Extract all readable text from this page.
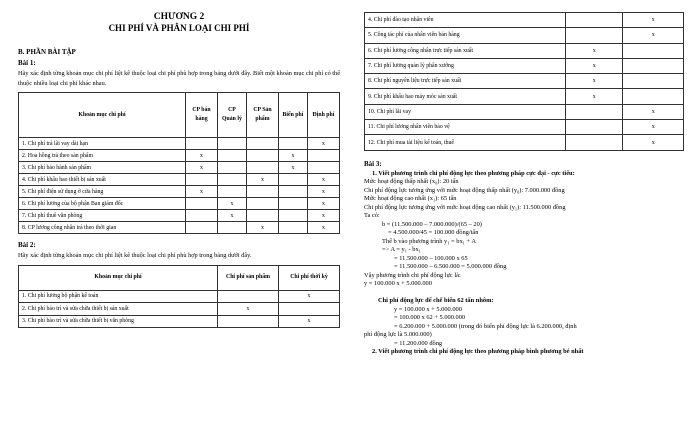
CHƯƠNG 2
CHI PHÍ VÀ PHÂN LOẠI CHI PHÍ
B. PHẦN BÀI TẬP
Bài 1:

Hãy xác định từng khoản mục chi phí liệt kê thuộc loại chi phí phù hợp trong bảng dưới đây. Biết một khoản mục chi phí có thể thuộc nhiều loại chi phí khác nhau.

Khoản mục chi phí	CP bán hàng	CP Quản lý	CP Sản phẩm	Biến phí	Định phí
1. Chi phí trả lãi vay dài hạn					x
2. Hoa hồng trả theo sản phẩm	x			x	
3. Chi phí bảo hành sản phẩm	x			x	
4. Chi phí khấu hao thiết bị sản xuất			x		x
5. Chi phí điện sử dụng ở cửa hàng	x				x
6. Chi phí lương của bộ phận Ban giám đốc		x			x
7. Chi phí thuê văn phòng		x			x
8. CP lương công nhân trả theo thời gian			x		x
Bài 2:

Hãy xác định từng khoản mục chi phí liệt kê thuộc loại chi phí phù hợp trong bảng dưới đây.

Khoản mục chi phí	Chi phí sản phẩm	Chi phí thời kỳ
1. Chi phí lương bộ phận kế toán		x
2. Chi phí bảo trì và sửa chữa thiết bị sản xuất	x	
3. Chi phí bảo trì và sửa chữa thiết bị văn phòng		x
4. Chi phí đào tạo nhân viên		x
5. Công tác phí của nhân viên bán hàng		x
6. Chi phí lương công nhân trực tiếp sản xuất	x	
7. Chi phí lương quản lý phân xưởng	x	
8. Chi phí nguyên liệu trực tiếp sản xuất	x	
9. Chi phí khấu hao máy móc sản xuất	x	
10. Chi phí lãi vay		x
11. Chi phí lương nhân viên bảo vệ		x
12. Chi phí mua tài liệu kế toán, thuế		x
Bài 3:
1. Viết phương trình chi phí động lực theo phương pháp cực đại - cực tiểu:
Mức hoạt động thấp nhất (x₀): 20 tấn
Chi phí động lực tương ứng với mức hoạt động thấp nhất (y₀): 7.000.000 đồng
Mức hoạt động cao nhất (x₁): 65 tấn
Chi phí động lực tương ứng với mức hoạt động cao nhất (y₁): 11.500.000 đồng
Ta có:
b = (11.500.000 – 7.000.000)/(65 – 20)
= 4.500.000/45 = 100.000 đồng/tấn
Thế b vào phương trình y₁ = bx₁ + A
=> A = y₁ - bx₁
= 11.500.000 – 100.000 x 65
= 11.500.000 – 6.500.000 = 5.000.000 đồng
Vậy phương trình chi phí động lực là:
y = 100.000 x + 5.000.000

Chi phí động lực để chế biến 62 tấn nhôm:
y = 100.000 x + 5.000.000
= 100.000 x 62 + 5.000.000
= 6.200.000 + 5.000.000 (trong đó biến phí động lực là 6.200.000, định
phí động lực là 5.000.000)
= 11.200.000 đồng
2. Viết phương trình chi phí động lực theo phương pháp bình phương bé nhất
